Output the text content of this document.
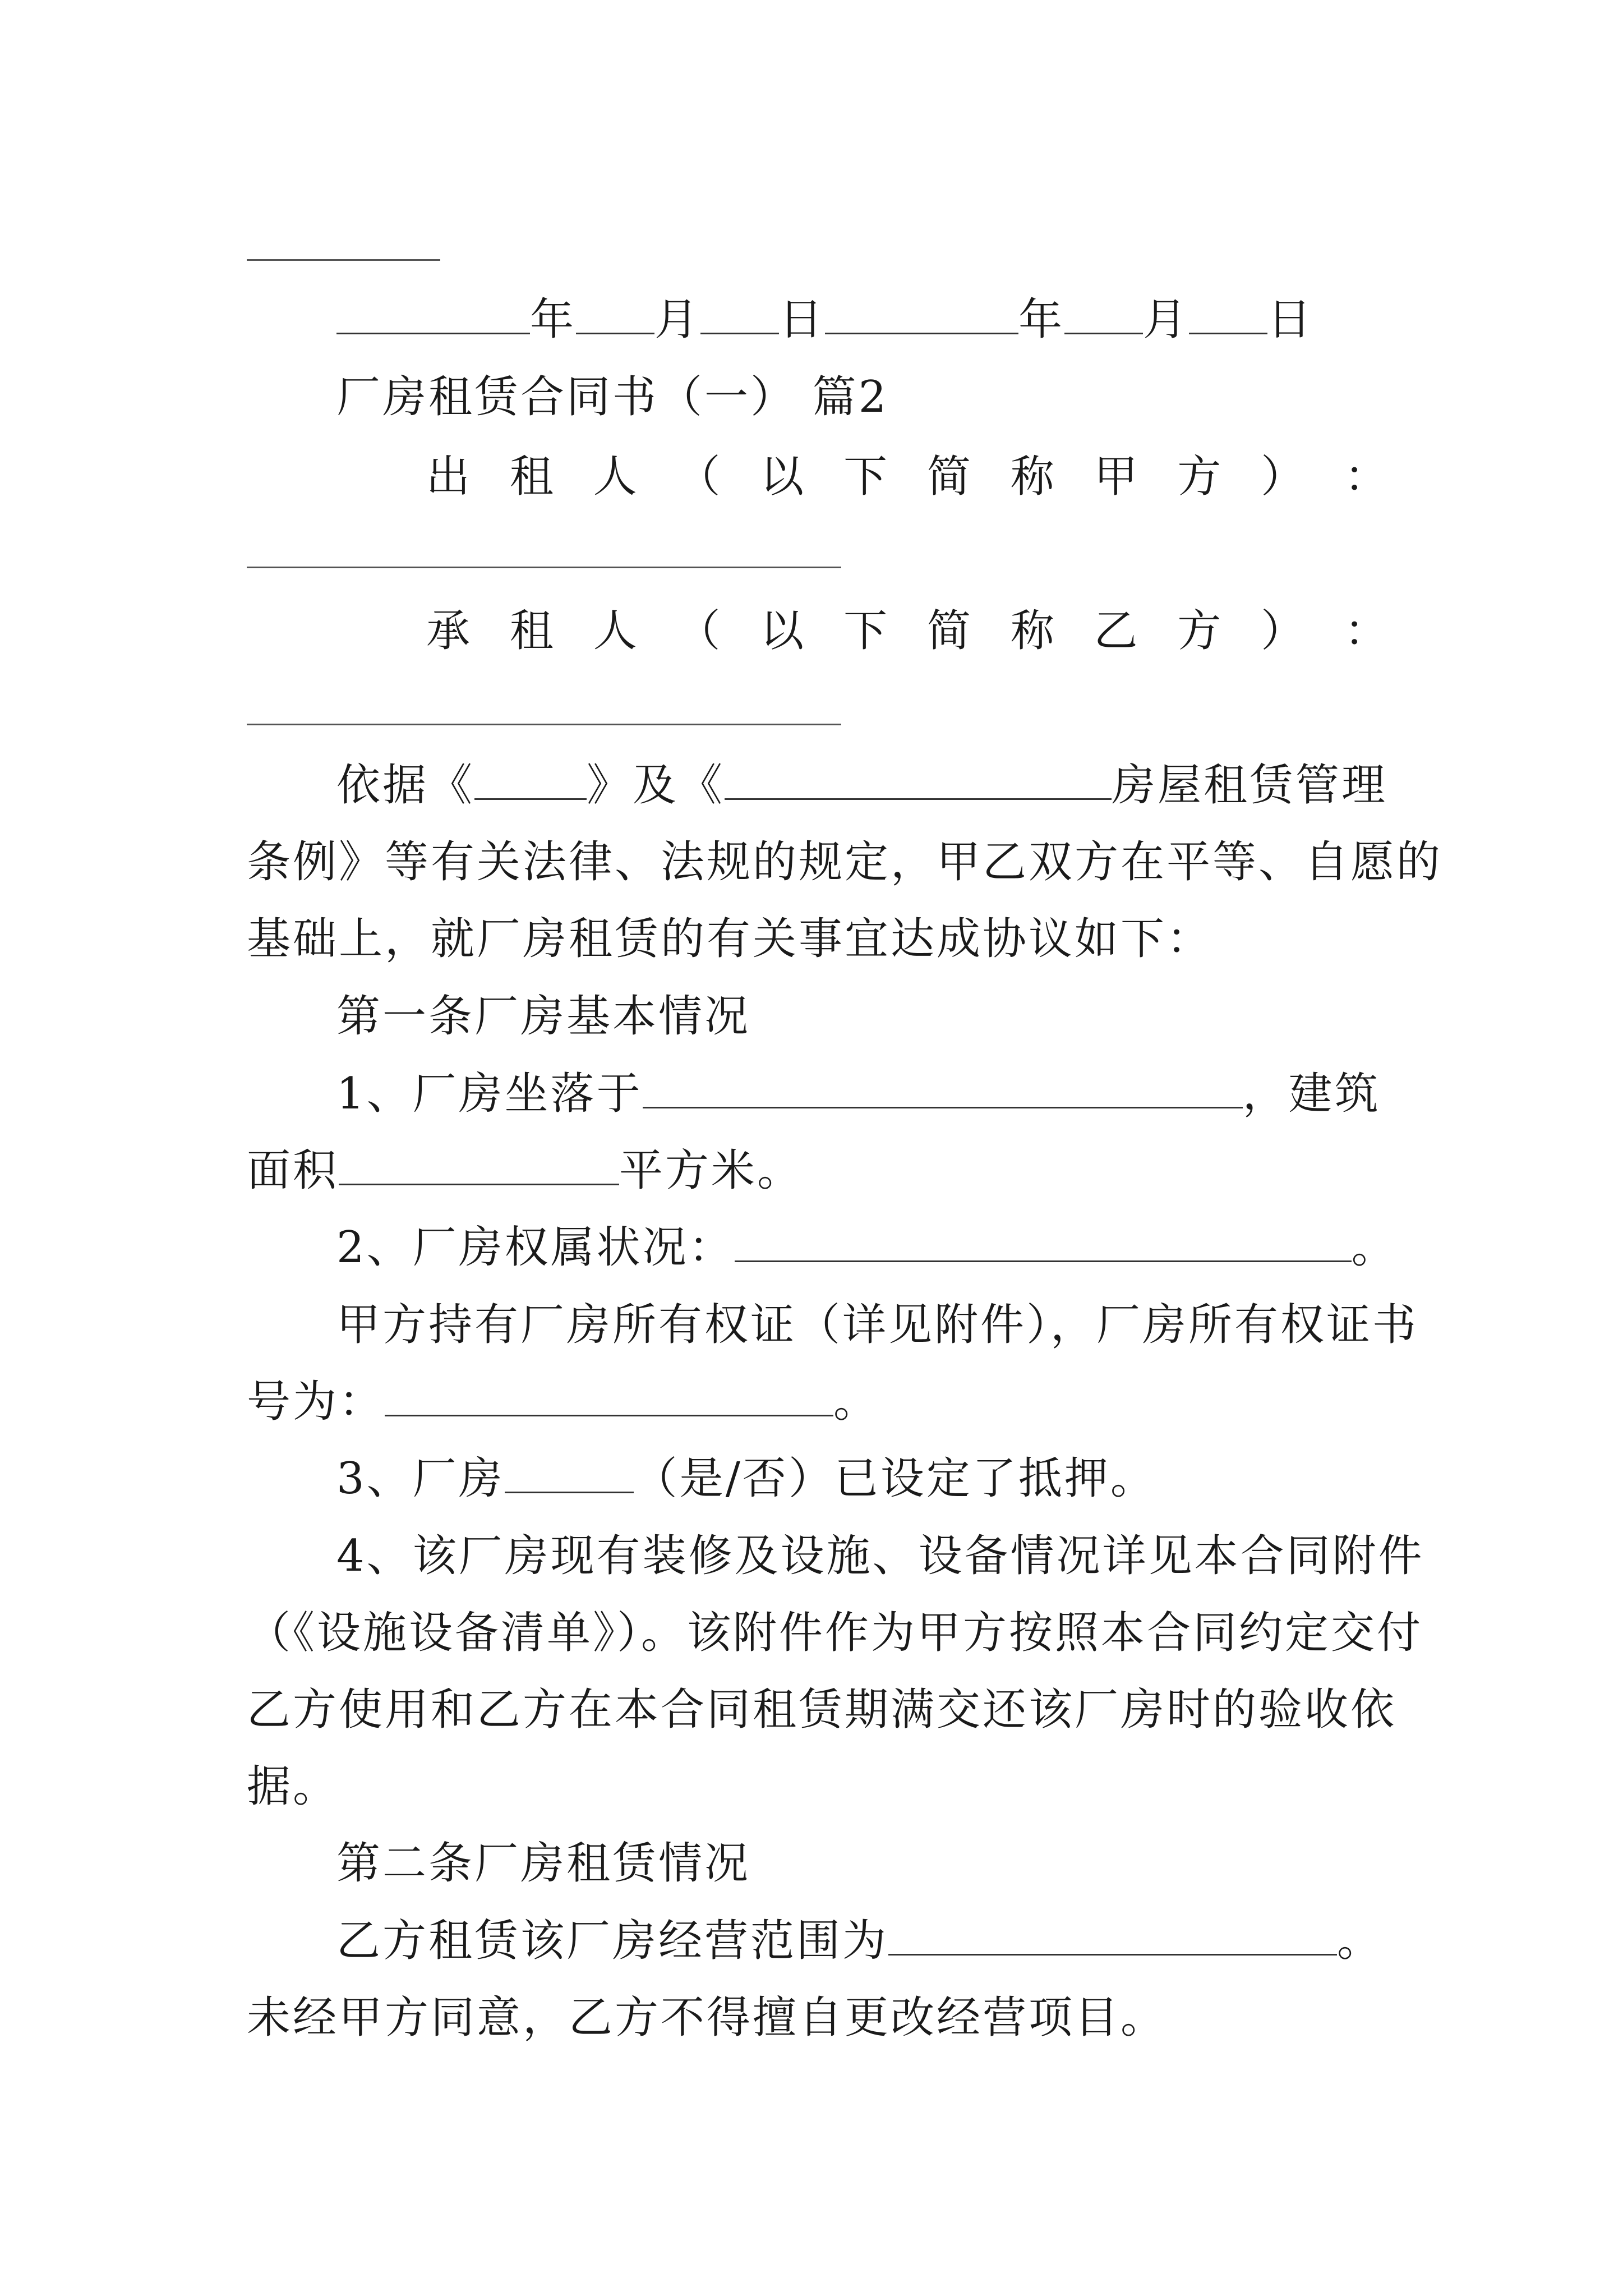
年 月 日	年 月 日
厂房租赁合同书（一） 篇2
出 租 人 （ 以 下 简 称 甲 方 ） ：
承 租 人 （ 以 下 简 称 乙 方 ） ：
依据《	》及《	房屋租赁管理
条例》等有关法律、法规的规定，甲乙双方在平等、自愿的
基础上，就厂房租赁的有关事宜达成协议如下：
第一条厂房基本情况
1、厂房坐落于	，建筑
面积	平方米。
2、厂房权属状况：	。
甲方持有厂房所有权证（详见附件），厂房所有权证书
号为：	。
3、厂房	（是/否）已设定了抵押。
4、该厂房现有装修及设施、设备情况详见本合同附件
（《设施设备清单》）。该附件作为甲方按照本合同约定交付
乙方使用和乙方在本合同租赁期满交还该厂房时的验收依
据。
第二条厂房租赁情况
乙方租赁该厂房经营范围为	。
未经甲方同意，乙方不得擅自更改经营项目。
